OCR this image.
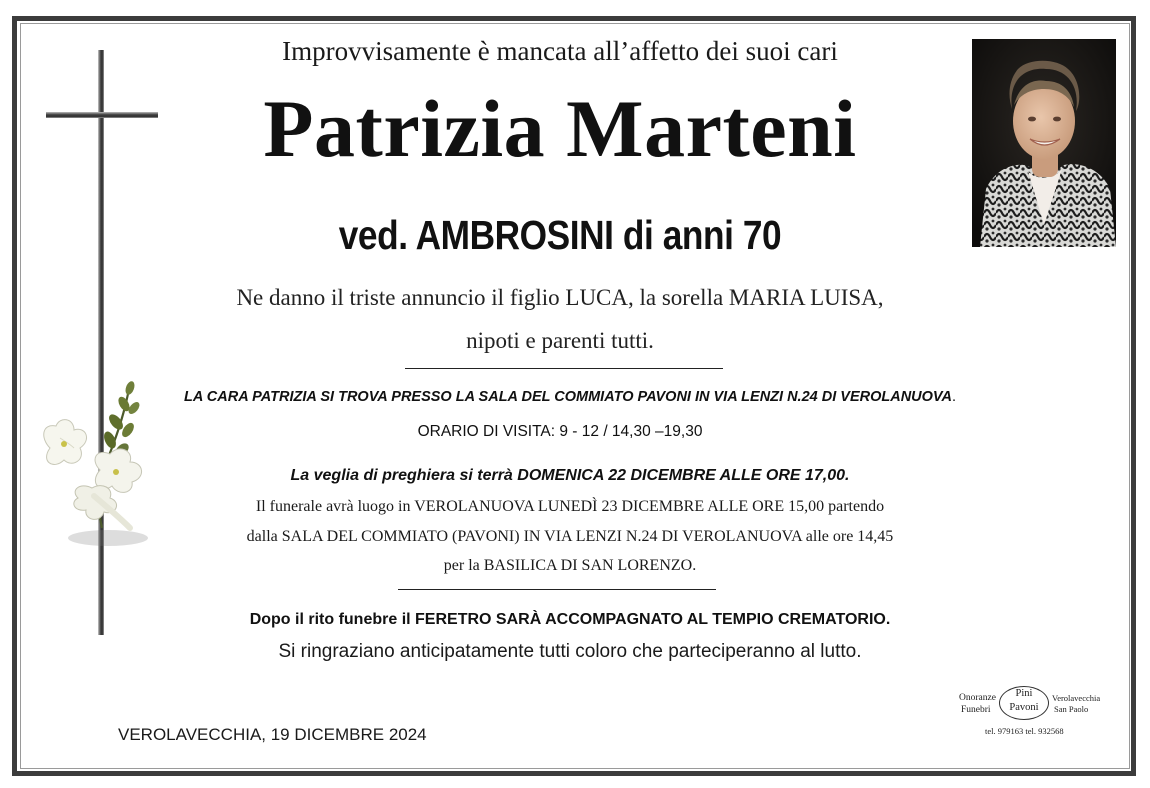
Improvvisamente è mancata all’affetto dei suoi cari
Patrizia Marteni
ved. AMBROSINI di anni 70
Ne danno il triste annuncio il figlio LUCA, la sorella MARIA LUISA,
nipoti e parenti tutti.
LA CARA PATRIZIA SI TROVA PRESSO LA SALA DEL COMMIATO PAVONI IN VIA LENZI N.24 DI VEROLANUOVA.
ORARIO DI VISITA: 9 - 12 / 14,30 –19,30
La veglia di preghiera si terrà DOMENICA 22 DICEMBRE ALLE ORE 17,00.
Il funerale avrà luogo in VEROLANUOVA LUNEDÌ 23 DICEMBRE ALLE ORE 15,00 partendo
dalla SALA DEL COMMIATO (PAVONI) IN VIA LENZI N.24 DI VEROLANUOVA alle ore 14,45
per la BASILICA DI SAN LORENZO.
Dopo il rito funebre il FERETRO SARÀ ACCOMPAGNATO AL TEMPIO CREMATORIO.
Si ringraziano anticipatamente tutti coloro che parteciperanno al lutto.
VEROLAVECCHIA, 19 DICEMBRE 2024
Onoranze
Funebri
Pini
Pavoni
Verolavecchia
San Paolo
tel. 979163 tel. 932568
